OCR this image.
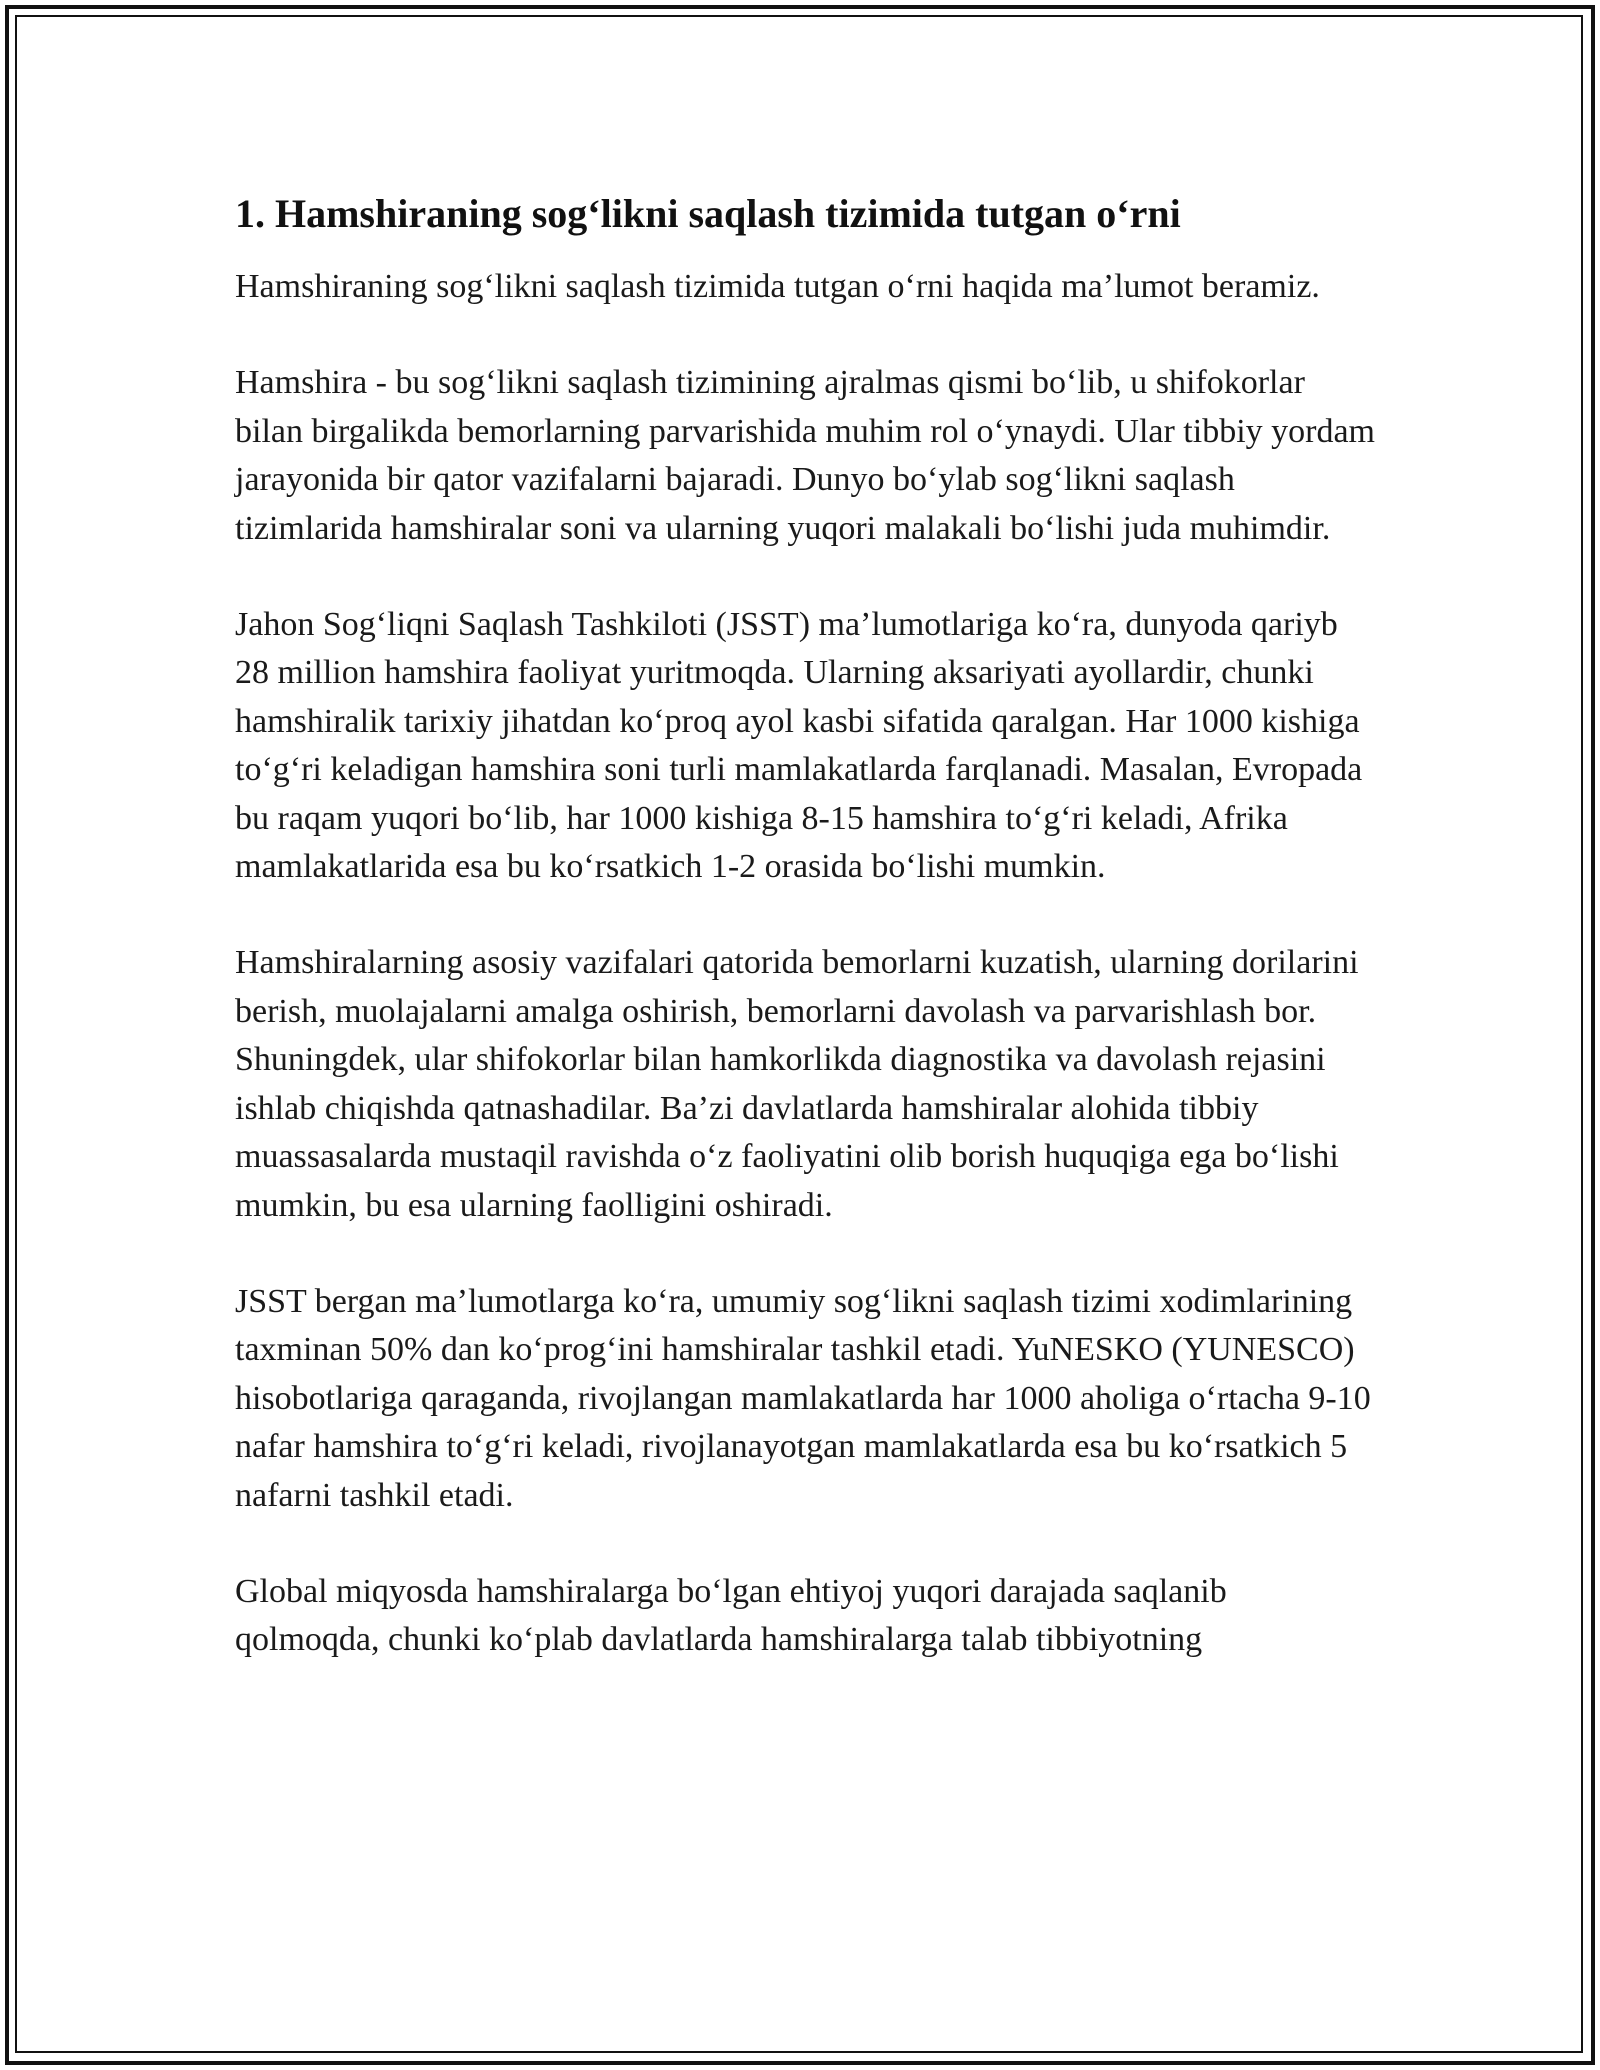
1. Hamshiraning sog‘likni saqlash tizimida tutgan o‘rni

Hamshiraning sog‘likni saqlash tizimida tutgan o‘rni haqida ma’lumot beramiz.

Hamshira - bu sog‘likni saqlash tizimining ajralmas qismi bo‘lib, u shifokorlar bilan birgalikda bemorlarning parvarishida muhim rol o‘ynaydi. Ular tibbiy yordam jarayonida bir qator vazifalarni bajaradi. Dunyo bo‘ylab sog‘likni saqlash tizimlarida hamshiralar soni va ularning yuqori malakali bo‘lishi juda muhimdir.

Jahon Sog‘liqni Saqlash Tashkiloti (JSST) ma’lumotlariga ko‘ra, dunyoda qariyb 28 million hamshira faoliyat yuritmoqda. Ularning aksariyati ayollardir, chunki hamshiralik tarixiy jihatdan ko‘proq ayol kasbi sifatida qaralgan. Har 1000 kishiga to‘g‘ri keladigan hamshira soni turli mamlakatlarda farqlanadi. Masalan, Evropada bu raqam yuqori bo‘lib, har 1000 kishiga 8-15 hamshira to‘g‘ri keladi, Afrika mamlakatlarida esa bu ko‘rsatkich 1-2 orasida bo‘lishi mumkin.

Hamshiralarning asosiy vazifalari qatorida bemorlarni kuzatish, ularning dorilarini berish, muolajalarni amalga oshirish, bemorlarni davolash va parvarishlash bor. Shuningdek, ular shifokorlar bilan hamkorlikda diagnostika va davolash rejasini ishlab chiqishda qatnashadilar. Ba’zi davlatlarda hamshiralar alohida tibbiy muassasalarda mustaqil ravishda o‘z faoliyatini olib borish huquqiga ega bo‘lishi mumkin, bu esa ularning faolligini oshiradi.

JSST bergan ma’lumotlarga ko‘ra, umumiy sog‘likni saqlash tizimi xodimlarining taxminan 50% dan ko‘prog‘ini hamshiralar tashkil etadi. YuNESKO (YUNESCO) hisobotlariga qaraganda, rivojlangan mamlakatlarda har 1000 aholiga o‘rtacha 9-10 nafar hamshira to‘g‘ri keladi, rivojlanayotgan mamlakatlarda esa bu ko‘rsatkich 5 nafarni tashkil etadi.

Global miqyosda hamshiralarga bo‘lgan ehtiyoj yuqori darajada saqlanib qolmoqda, chunki ko‘plab davlatlarda hamshiralarga talab tibbiyotning
